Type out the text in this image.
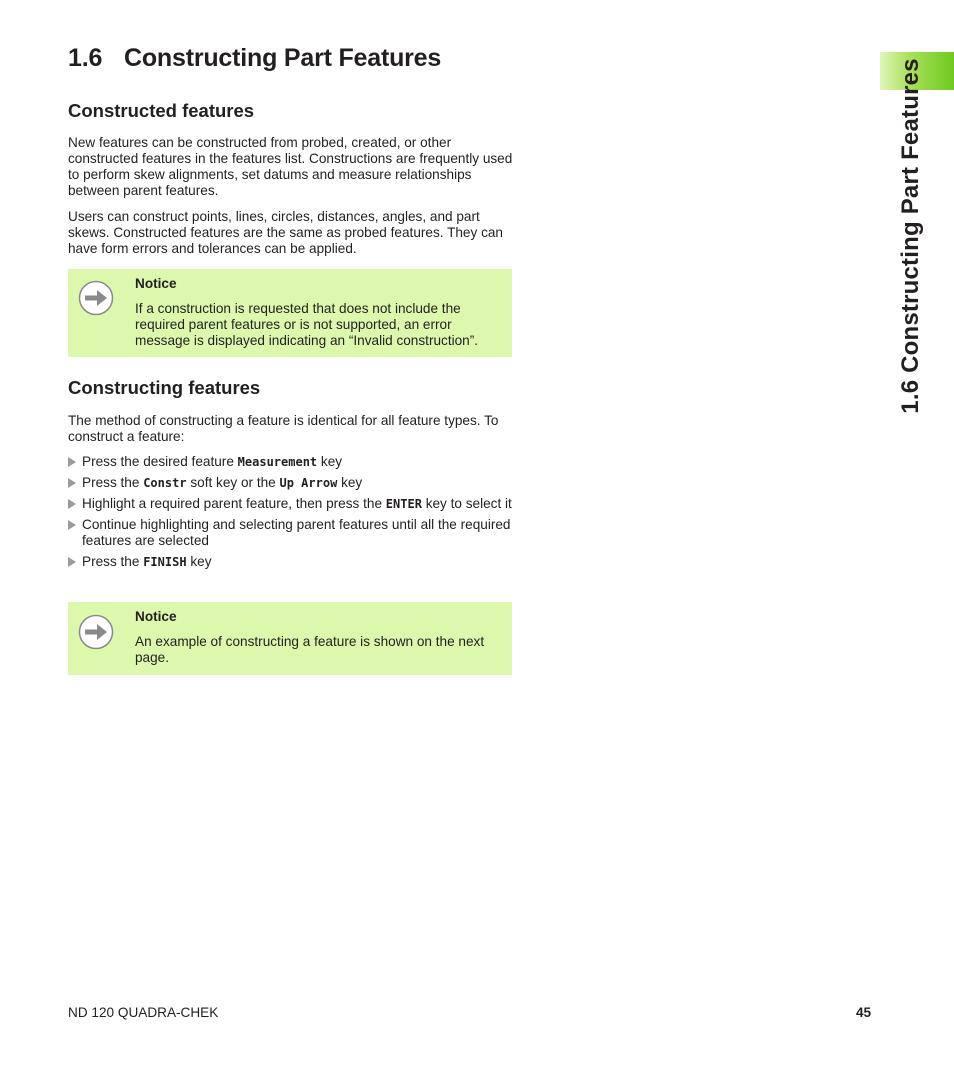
1.6 Constructing Part Features
1.6 Constructing Part Features
Constructed features

New features can be constructed from probed, created, or other constructed features in the features list. Constructions are frequently used to perform skew alignments, set datums and measure relationships between parent features.

Users can construct points, lines, circles, distances, angles, and part skews. Constructed features are the same as probed features. They can have form errors and tolerances can be applied.

Notice

If a construction is requested that does not include the required parent features or is not supported, an error message is displayed indicating an “Invalid construction”.

Constructing features

The method of constructing a feature is identical for all feature types. To construct a feature:

Press the desired feature Measurement key
Press the Constr soft key or the Up Arrow key
Highlight a required parent feature, then press the ENTER key to select it
Continue highlighting and selecting parent features until all the required features are selected
Press the FINISH key

Notice

An example of constructing a feature is shown on the next page.

ND 120 QUADRA-CHEK	45
